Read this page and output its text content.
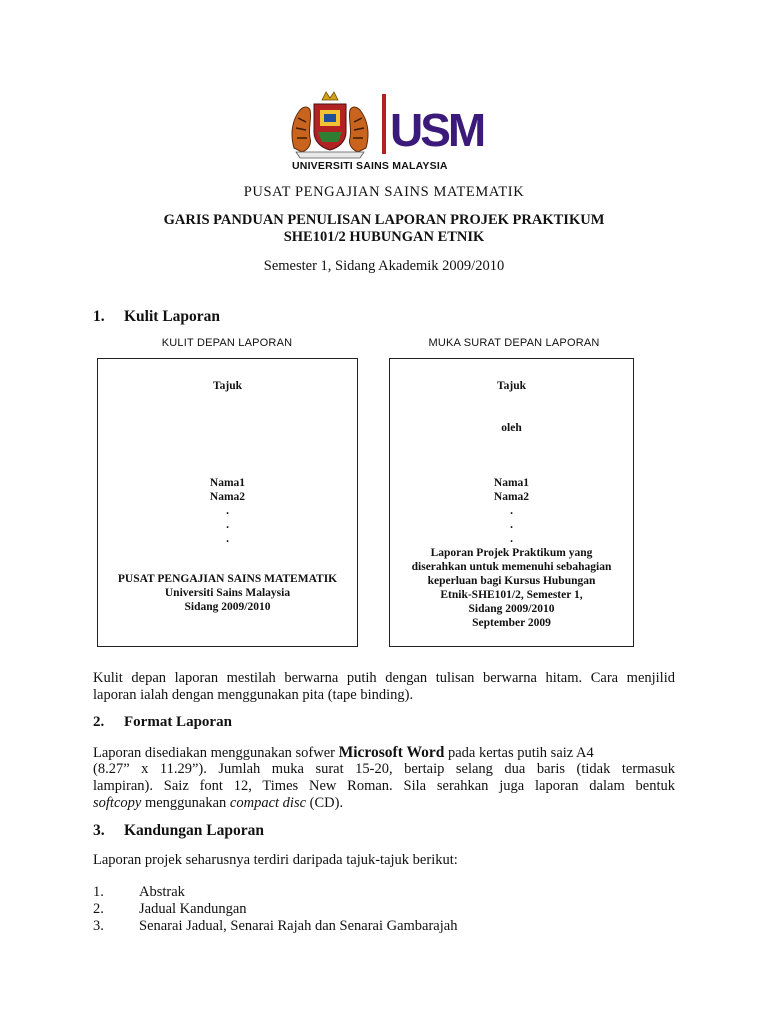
USM
UNIVERSITI SAINS MALAYSIA
PUSAT PENGAJIAN SAINS MATEMATIK
GARIS PANDUAN PENULISAN LAPORAN PROJEK PRAKTIKUM
SHE101/2 HUBUNGAN ETNIK
Semester 1, Sidang Akademik 2009/2010
1. Kulit Laporan
KULIT DEPAN LAPORAN	MUKA SURAT DEPAN LAPORAN
Tajuk
Nama1
Nama2
.
.
.
PUSAT PENGAJIAN SAINS MATEMATIK
Universiti Sains Malaysia
Sidang 2009/2010
Tajuk
oleh
Nama1
Nama2
.
.
.
Laporan Projek Praktikum yang
diserahkan untuk memenuhi sebahagian
keperluan bagi Kursus Hubungan
Etnik-SHE101/2, Semester 1,
Sidang 2009/2010
September 2009
Kulit depan laporan mestilah berwarna putih dengan tulisan berwarna hitam. Cara menjilid
laporan ialah dengan menggunakan pita (tape binding).
2. Format Laporan
Laporan disediakan menggunakan sofwer Microsoft Word pada kertas putih saiz A4
(8.27” x 11.29”). Jumlah muka surat 15-20, bertaip selang dua baris (tidak termasuk
lampiran). Saiz font 12, Times New Roman. Sila serahkan juga laporan dalam bentuk
softcopy menggunakan compact disc (CD).
3. Kandungan Laporan
Laporan projek seharusnya terdiri daripada tajuk-tajuk berikut:
1. Abstrak
2. Jadual Kandungan
3. Senarai Jadual, Senarai Rajah dan Senarai Gambarajah
